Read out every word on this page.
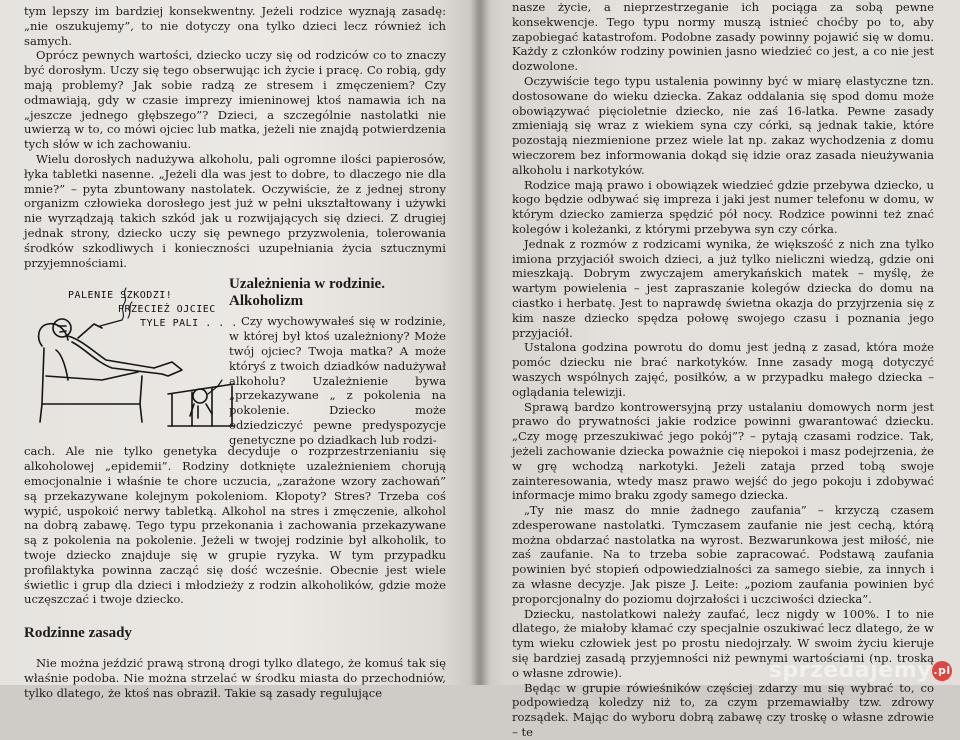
tym lepszy im bardziej konsekwentny. Jeżeli rodzice wyznają zasadę: „nie oszukujemy”, to nie dotyczy ona tylko dzieci lecz również ich samych.

Oprócz pewnych wartości, dziecko uczy się od rodziców co to znaczy być dorosłym. Uczy się tego obserwując ich życie i pracę. Co robią, gdy mają problemy? Jak sobie radzą ze stresem i zmęczeniem? Czy odmawiają, gdy w czasie imprezy imieninowej ktoś namawia ich na „jeszcze jednego głębszego”? Dzieci, a szczególnie nastolatki nie uwierzą w to, co mówi ojciec lub matka, jeżeli nie znajdą potwierdzenia tych słów w ich zachowaniu.

Wielu dorosłych nadużywa alkoholu, pali ogromne ilości papierosów, łyka tabletki nasenne. „Jeżeli dla was jest to dobre, to dlaczego nie dla mnie?” – pyta zbuntowany nastolatek. Oczywiście, że z jednej strony organizm człowieka dorosłego jest już w pełni ukształtowany i używki nie wyrządzają takich szkód jak u rozwijających się dzieci. Z drugiej jednak strony, dziecko uczy się pewnego przyzwolenia, tolerowania środków szkodliwych i konieczności uzupełniania życia sztucznymi przyjemnościami.

PALENIE SZKODZI!
PRZECIEŻ OJCIEC
TYLE PALI . . .
Uzależnienia w rodzinie. Alkoholizm

Czy wychowywałeś się w rodzinie, w której był ktoś uzależniony? Może twój ojciec? Twoja matka? A może któryś z twoich dziadków nadużywał alkoholu? Uzależnienie bywa „przekazywane „ z pokolenia na pokolenie. Dziecko może odziedziczyć pewne predyspozycje genetyczne po dziadkach lub rodzi-

cach. Ale nie tylko genetyka decyduje o rozprzestrzenianiu się alkoholowej „epidemii”. Rodziny dotknięte uzależnieniem chorują emocjonalnie i właśnie te chore uczucia, „zarażone wzory zachowań” są przekazywane kolejnym pokoleniom. Kłopoty? Stres? Trzeba coś wypić, uspokoić nerwy tabletką. Alkohol na stres i zmęczenie, alkohol na dobrą zabawę. Tego typu przekonania i zachowania przekazywane są z pokolenia na pokolenie. Jeżeli w twojej rodzinie był alkoholik, to twoje dziecko znajduje się w grupie ryzyka. W tym przypadku profilaktyka powinna zacząć się dość wcześnie. Obecnie jest wiele świetlic i grup dla dzieci i młodzieży z rodzin alkoholików, gdzie może uczęszczać i twoje dziecko.

Rodzinne zasady

Nie można jeździć prawą stroną drogi tylko dlatego, że komuś tak się właśnie podoba. Nie można strzelać w środku miasta do przechodniów, tylko dlatego, że ktoś nas obraził. Takie są zasady regulujące

nasze życie, a nieprzestrzeganie ich pociąga za sobą pewne konsekwencje. Tego typu normy muszą istnieć choćby po to, aby zapobiegać katastrofom. Podobne zasady powinny pojawić się w domu. Każdy z członków rodziny powinien jasno wiedzieć co jest, a co nie jest dozwolone.

Oczywiście tego typu ustalenia powinny być w miarę elastyczne tzn. dostosowane do wieku dziecka. Zakaz oddalania się spod domu może obowiązywać pięcioletnie dziecko, nie zaś 16-latka. Pewne zasady zmieniają się wraz z wiekiem syna czy córki, są jednak takie, które pozostają niezmienione przez wiele lat np. zakaz wychodzenia z domu wieczorem bez informowania dokąd się idzie oraz zasada nieużywania alkoholu i narkotyków.

Rodzice mają prawo i obowiązek wiedzieć gdzie przebywa dziecko, u kogo będzie odbywać się impreza i jaki jest numer telefonu w domu, w którym dziecko zamierza spędzić pół nocy. Rodzice powinni też znać kolegów i koleżanki, z którymi przebywa syn czy córka.

Jednak z rozmów z rodzicami wynika, że większość z nich zna tylko imiona przyjaciół swoich dzieci, a już tylko nieliczni wiedzą, gdzie oni mieszkają. Dobrym zwyczajem amerykańskich matek – myślę, że wartym powielenia – jest zapraszanie kolegów dziecka do domu na ciastko i herbatę. Jest to naprawdę świetna okazja do przyjrzenia się z kim nasze dziecko spędza połowę swojego czasu i poznania jego przyjaciół.

Ustalona godzina powrotu do domu jest jedną z zasad, która może pomóc dziecku nie brać narkotyków. Inne zasady mogą dotyczyć waszych wspólnych zajęć, posiłków, a w przypadku małego dziecka – oglądania telewizji.

Sprawą bardzo kontrowersyjną przy ustalaniu domowych norm jest prawo do prywatności jakie rodzice powinni gwarantować dziecku. „Czy mogę przeszukiwać jego pokój”? – pytają czasami rodzice. Tak, jeżeli zachowanie dziecka poważnie cię niepokoi i masz podejrzenia, że w grę wchodzą narkotyki. Jeżeli zataja przed tobą swoje zainteresowania, wtedy masz prawo wejść do jego pokoju i zdobywać informacje mimo braku zgody samego dziecka.

„Ty nie masz do mnie żadnego zaufania” – krzyczą czasem zdesperowane nastolatki. Tymczasem zaufanie nie jest cechą, którą można obdarzać nastolatka na wyrost. Bezwarunkowa jest miłość, nie zaś zaufanie. Na to trzeba sobie zapracować. Podstawą zaufania powinien być stopień odpowiedzialności za samego siebie, za innych i za własne decyzje. Jak pisze J. Leite: „poziom zaufania powinien być proporcjonalny do poziomu dojrzałości i uczciwości dziecka”.

Dziecku, nastolatkowi należy zaufać, lecz nigdy w 100%. I to nie dlatego, że miałoby kłamać czy specjalnie oszukiwać lecz dlatego, że w tym wieku człowiek jest po prostu niedojrzały. W swoim życiu kieruje się bardziej zasadą przyjemności niż pewnymi wartościami (np. troską o własne zdrowie).

Będąc w grupie rówieśników częściej zdarzy mu się wybrać to, co podpowiedzą koledzy niż to, za czym przemawiałby tzw. zdrowy rozsądek. Mając do wyboru dobrą zabawę czy troskę o własne zdrowie – te

sprzedajemy.pl
